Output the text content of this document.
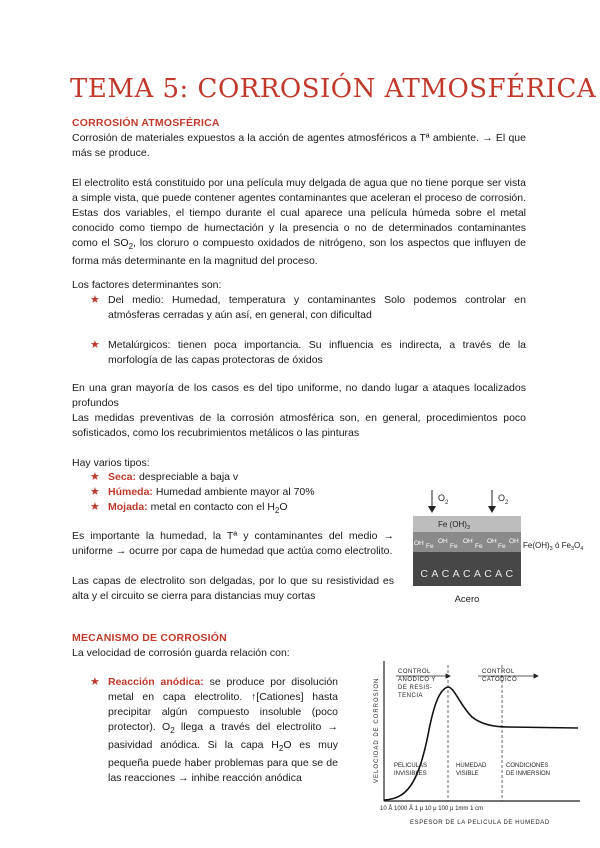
TEMA 5: CORROSIÓN ATMOSFÉRICA
CORROSIÓN ATMOSFÉRICA

Corrosión de materiales expuestos a la acción de agentes atmosféricos a Tª ambiente. → El que más se produce.

El electrolito está constituido por una película muy delgada de agua que no tiene porque ser vista a simple vista, que puede contener agentes contaminantes que aceleran el proceso de corrosión. Estas dos variables, el tiempo durante el cual aparece una película húmeda sobre el metal conocido como tiempo de humectación y la presencia o no de determinados contaminantes como el $SO_2$, los cloruro o compuesto oxidados de nitrógeno, son los aspectos que influyen de forma más determinante en la magnitud del proceso.

Los factores determinantes son:

★ Del medio: Humedad, temperatura y contaminantes Solo podemos controlar en atmósferas cerradas y aún así, en general, con dificultad
★ Metalúrgicos: tienen poca importancia. Su influencia es indirecta, a través de la morfología de las capas protectoras de óxidos

En una gran mayoría de los casos es del tipo uniforme, no dando lugar a ataques localizados profundos

Las medidas preventivas de la corrosión atmosférica son, en general, procedimientos poco sofisticados, como los recubrimientos metálicos o las pinturas

Hay varios tipos:

★ Seca: despreciable a baja v
★ Húmeda: Humedad ambiente mayor al 70%
★ Mojada: metal en contacto con el $H_2O$

Es importante la humedad, la Tª y contaminantes del medio → uniforme → ocurre por capa de humedad que actúa como electrolito.

Las capas de electrolito son delgadas, por lo que su resistividad es alta y el circuito se cierra para distancias muy cortas

$O_2$	$O_2$
Fe $(OH)_3$
OH Fe OH Fe OH Fe OH Fe OH
C A C A C A C A C
$Fe(OH)_3$ ó $Fe_3O_4$
Acero
MECANISMO DE CORROSIÓN

La velocidad de corrosión guarda relación con:

★ Reacción anódica: se produce por disolución metal en capa electrolito. ↑[Cationes] hasta precipitar algún compuesto insoluble (poco protector). $O_2$ llega a través del electrolito → pasividad anódica. Si la capa $H_2O$ es muy pequeña puede haber problemas para que se de las reacciones → inhibe reacción anódica	VELOCIDAD DE CORROSION
CONTROL ANODICO Y DE RESIS-TENCIA
CONTROL CATODICO
PELICULAS INVISIBLES
HUMEDAD VISIBLE
CONDICIONES DE INMERSION
10 Å 1000 Å 1 μ 10 μ 100 μ 1mm 1 cm
ESPESOR DE LA PELICULA DE HUMEDAD
